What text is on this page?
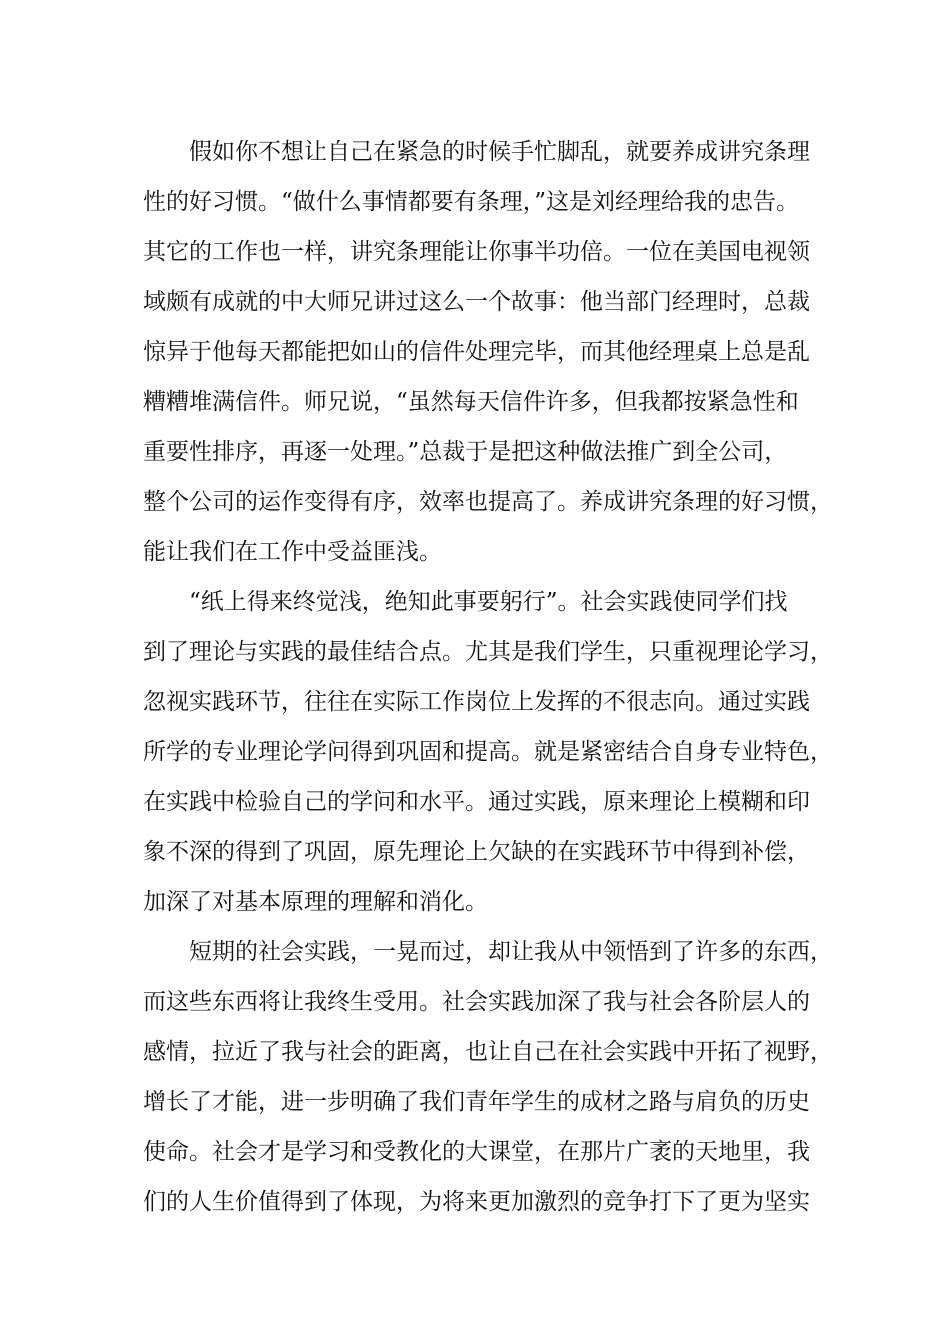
假如你不想让自己在紧急的时候手忙脚乱，就要养成讲究条理
性的好习惯。“做什么事情都要有条理，”这是刘经理给我的忠告。
其它的工作也一样，讲究条理能让你事半功倍。一位在美国电视领
域颇有成就的中大师兄讲过这么一个故事：他当部门经理时，总裁
惊异于他每天都能把如山的信件处理完毕，而其他经理桌上总是乱
糟糟堆满信件。师兄说，“虽然每天信件许多，但我都按紧急性和
重要性排序，再逐一处理。”总裁于是把这种做法推广到全公司，
整个公司的运作变得有序，效率也提高了。养成讲究条理的好习惯，
能让我们在工作中受益匪浅。

“纸上得来终觉浅，绝知此事要躬行”。社会实践使同学们找
到了理论与实践的最佳结合点。尤其是我们学生，只重视理论学习，
忽视实践环节，往往在实际工作岗位上发挥的不很志向。通过实践
所学的专业理论学问得到巩固和提高。就是紧密结合自身专业特色，
在实践中检验自己的学问和水平。通过实践，原来理论上模糊和印
象不深的得到了巩固，原先理论上欠缺的在实践环节中得到补偿，
加深了对基本原理的理解和消化。

短期的社会实践，一晃而过，却让我从中领悟到了许多的东西，
而这些东西将让我终生受用。社会实践加深了我与社会各阶层人的
感情，拉近了我与社会的距离，也让自己在社会实践中开拓了视野，
增长了才能，进一步明确了我们青年学生的成材之路与肩负的历史
使命。社会才是学习和受教化的大课堂，在那片广袤的天地里，我
们的人生价值得到了体现，为将来更加激烈的竞争打下了更为坚实
